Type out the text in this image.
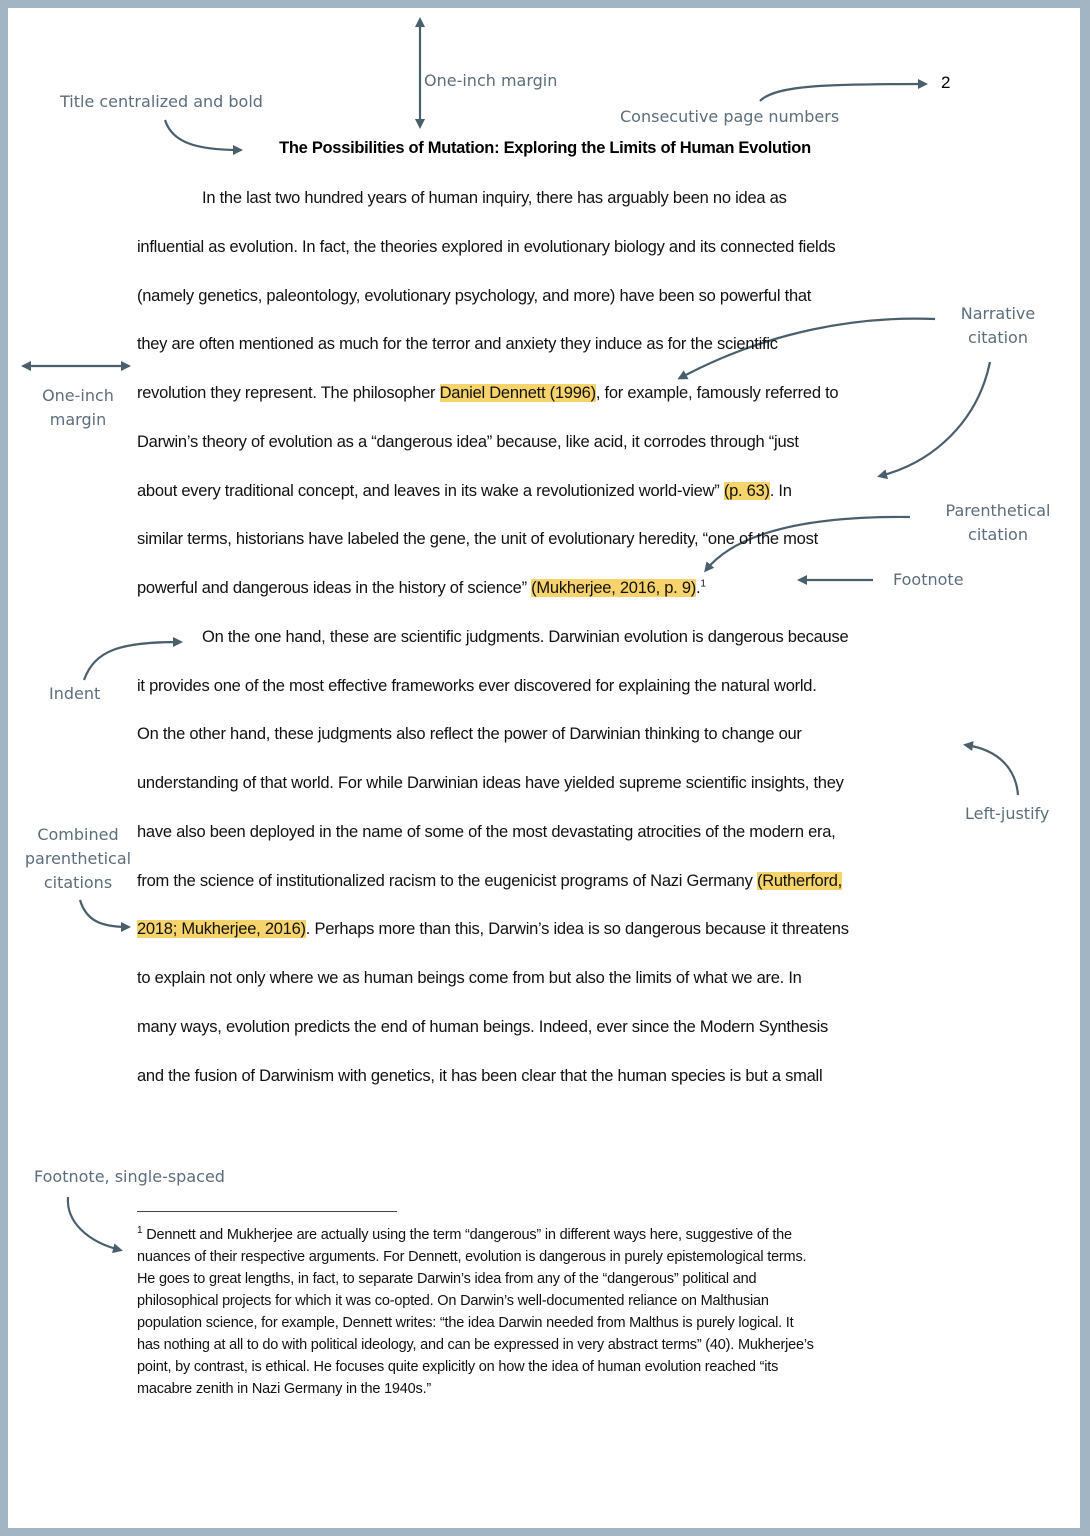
2
The Possibilities of Mutation: Exploring the Limits of Human Evolution
In the last two hundred years of human inquiry, there has arguably been no idea as
influential as evolution. In fact, the theories explored in evolutionary biology and its connected fields
(namely genetics, paleontology, evolutionary psychology, and more) have been so powerful that
they are often mentioned as much for the terror and anxiety they induce as for the scientific
revolution they represent. The philosopher Daniel Dennett (1996), for example, famously referred to
Darwin’s theory of evolution as a “dangerous idea” because, like acid, it corrodes through “just
about every traditional concept, and leaves in its wake a revolutionized world-view” (p. 63). In
similar terms, historians have labeled the gene, the unit of evolutionary heredity, “one of the most
powerful and dangerous ideas in the history of science” (Mukherjee, 2016, p. 9).$^1$
On the one hand, these are scientific judgments. Darwinian evolution is dangerous because
it provides one of the most effective frameworks ever discovered for explaining the natural world.
On the other hand, these judgments also reflect the power of Darwinian thinking to change our
understanding of that world. For while Darwinian ideas have yielded supreme scientific insights, they
have also been deployed in the name of some of the most devastating atrocities of the modern era,
from the science of institutionalized racism to the eugenicist programs of Nazi Germany (Rutherford,
2018; Mukherjee, 2016). Perhaps more than this, Darwin’s idea is so dangerous because it threatens
to explain not only where we as human beings come from but also the limits of what we are. In
many ways, evolution predicts the end of human beings. Indeed, ever since the Modern Synthesis
and the fusion of Darwinism with genetics, it has been clear that the human species is but a small
$^1$ Dennett and Mukherjee are actually using the term “dangerous” in different ways here, suggestive of the
nuances of their respective arguments. For Dennett, evolution is dangerous in purely epistemological terms.
He goes to great lengths, in fact, to separate Darwin’s idea from any of the “dangerous” political and
philosophical projects for which it was co-opted. On Darwin’s well-documented reliance on Malthusian
population science, for example, Dennett writes: “the idea Darwin needed from Malthus is purely logical. It
has nothing at all to do with political ideology, and can be expressed in very abstract terms” (40). Mukherjee’s
point, by contrast, is ethical. He focuses quite explicitly on how the idea of human evolution reached “its
macabre zenith in Nazi Germany in the 1940s.”
One-inch margin
Title centralized and bold
Consecutive page numbers
Narrative
citation
One-inch
margin
Parenthetical
citation
Footnote
Indent
Left-justify
Combined
parenthetical
citations
Footnote, single-spaced
